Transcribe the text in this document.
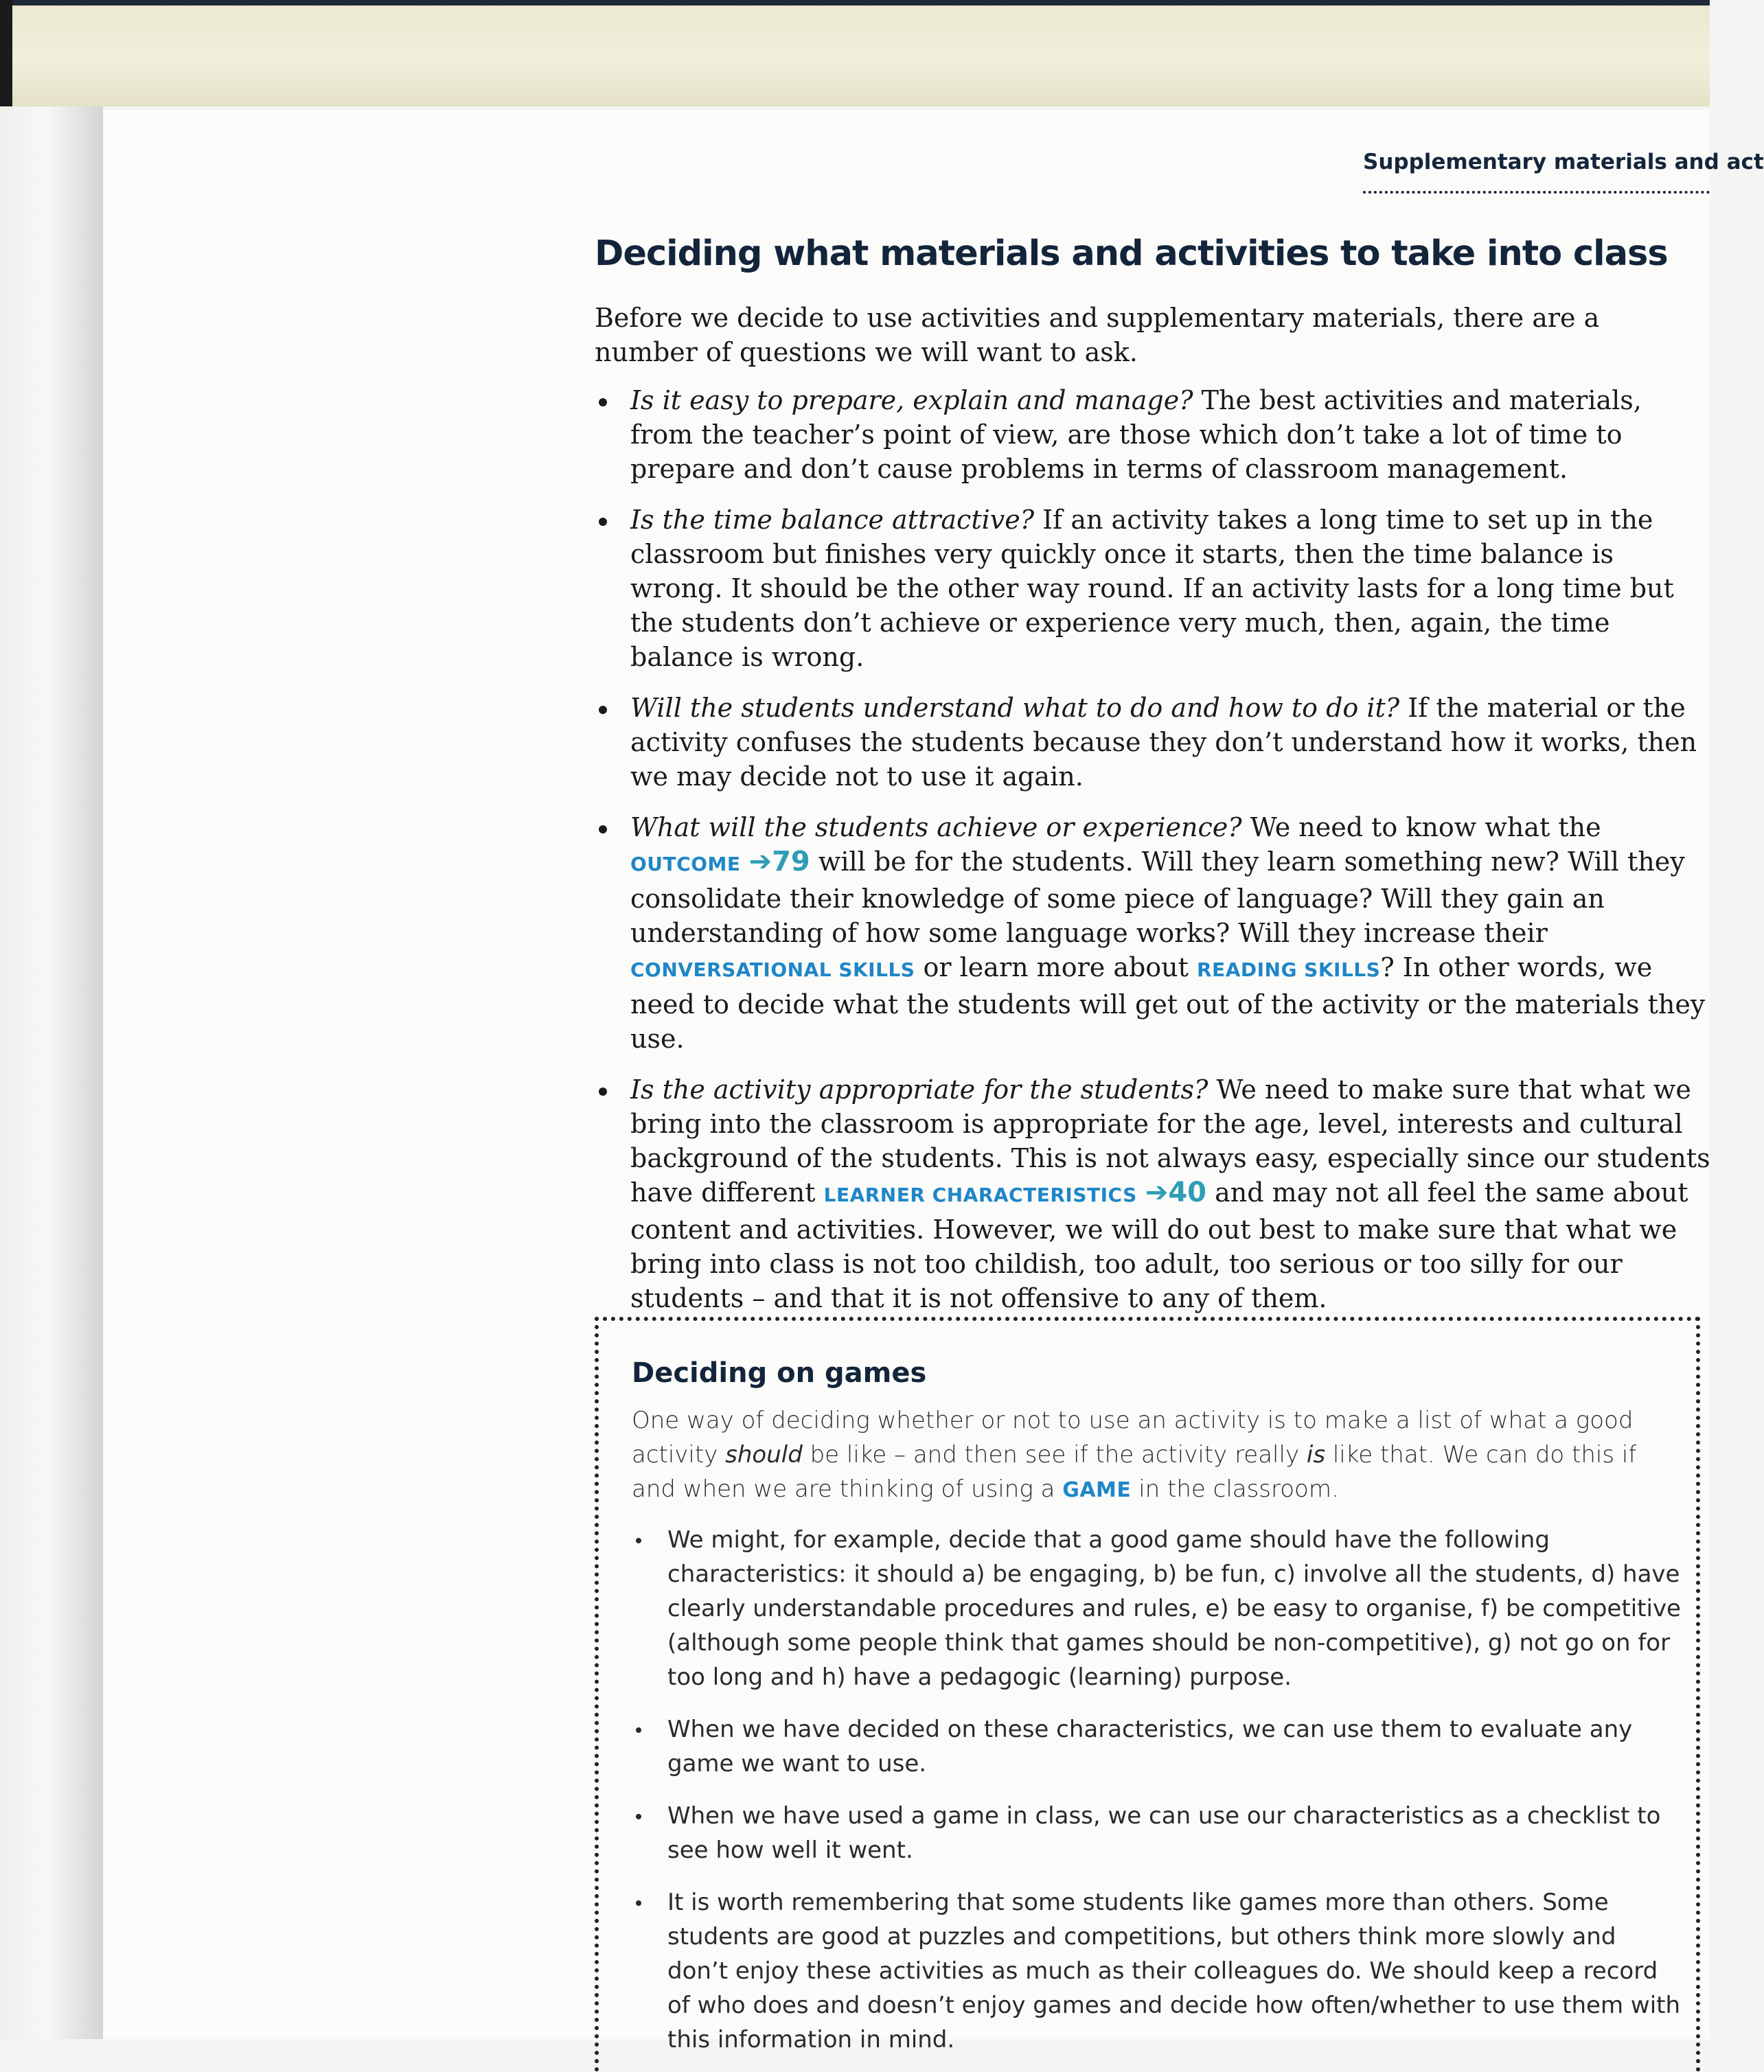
Supplementary materials and act
Deciding what materials and activities to take into class

Before we decide to use activities and supplementary materials, there are a number of questions we will want to ask.

Is it easy to prepare, explain and manage? The best activities and materials, from the teacher’s point of view, are those which don’t take a lot of time to prepare and don’t cause problems in terms of classroom management.
Is the time balance attractive? If an activity takes a long time to set up in the classroom but finishes very quickly once it starts, then the time balance is wrong. It should be the other way round. If an activity lasts for a long time but the students don’t achieve or experience very much, then, again, the time balance is wrong.
Will the students understand what to do and how to do it? If the material or the activity confuses the students because they don’t understand how it works, then we may decide not to use it again.
What will the students achieve or experience? We need to know what the OUTCOME ➔79 will be for the students. Will they learn something new? Will they consolidate their knowledge of some piece of language? Will they gain an understanding of how some language works? Will they increase their CONVERSATIONAL SKILLS or learn more about READING SKILLS? In other words, we need to decide what the students will get out of the activity or the materials they use.
Is the activity appropriate for the students? We need to make sure that what we bring into the classroom is appropriate for the age, level, interests and cultural background of the students. This is not always easy, especially since our students have different LEARNER CHARACTERISTICS ➔40 and may not all feel the same about content and activities. However, we will do out best to make sure that what we bring into class is not too childish, too adult, too serious or too silly for our students – and that it is not offensive to any of them.
Deciding on games

One way of deciding whether or not to use an activity is to make a list of what a good activity should be like – and then see if the activity really is like that. We can do this if and when we are thinking of using a GAME in the classroom.

We might, for example, decide that a good game should have the following characteristics: it should a) be engaging, b) be fun, c) involve all the students, d) have clearly understandable procedures and rules, e) be easy to organise, f) be competitive (although some people think that games should be non-competitive), g) not go on for too long and h) have a pedagogic (learning) purpose.
When we have decided on these characteristics, we can use them to evaluate any game we want to use.
When we have used a game in class, we can use our characteristics as a checklist to see how well it went.
It is worth remembering that some students like games more than others. Some students are good at puzzles and competitions, but others think more slowly and don’t enjoy these activities as much as their colleagues do. We should keep a record of who does and doesn’t enjoy games and decide how often/whether to use them with this information in mind.
